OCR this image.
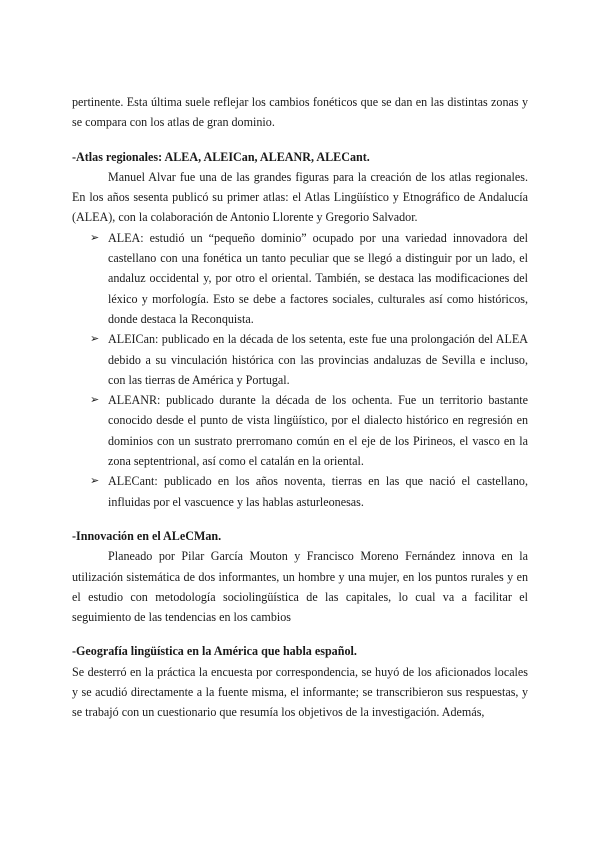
pertinente. Esta última suele reflejar los cambios fonéticos que se dan en las distintas zonas y se compara con los atlas de gran dominio.

-Atlas regionales: ALEA, ALEICan, ALEANR, ALECant.

Manuel Alvar fue una de las grandes figuras para la creación de los atlas regionales. En los años sesenta publicó su primer atlas: el Atlas Lingüístico y Etnográfico de Andalucía (ALEA), con la colaboración de Antonio Llorente y Gregorio Salvador.

➢ ALEA: estudió un “pequeño dominio” ocupado por una variedad innovadora del castellano con una fonética un tanto peculiar que se llegó a distinguir por un lado, el andaluz occidental y, por otro el oriental. También, se destaca las modificaciones del léxico y morfología. Esto se debe a factores sociales, culturales así como históricos, donde destaca la Reconquista.
➢ ALEICan: publicado en la década de los setenta, este fue una prolongación del ALEA debido a su vinculación histórica con las provincias andaluzas de Sevilla e incluso, con las tierras de América y Portugal.
➢ ALEANR: publicado durante la década de los ochenta. Fue un territorio bastante conocido desde el punto de vista lingüístico, por el dialecto histórico en regresión en dominios con un sustrato prerromano común en el eje de los Pirineos, el vasco en la zona septentrional, así como el catalán en la oriental.
➢ ALECant: publicado en los años noventa, tierras en las que nació el castellano, influidas por el vascuence y las hablas asturleonesas.
-Innovación en el ALeCMan.

Planeado por Pilar García Mouton y Francisco Moreno Fernández innova en la utilización sistemática de dos informantes, un hombre y una mujer, en los puntos rurales y en el estudio con metodología sociolingüística de las capitales, lo cual va a facilitar el seguimiento de las tendencias en los cambios

-Geografía lingüística en la América que habla español.

Se desterró en la práctica la encuesta por correspondencia, se huyó de los aficionados locales y se acudió directamente a la fuente misma, el informante; se transcribieron sus respuestas, y se trabajó con un cuestionario que resumía los objetivos de la investigación. Además,
